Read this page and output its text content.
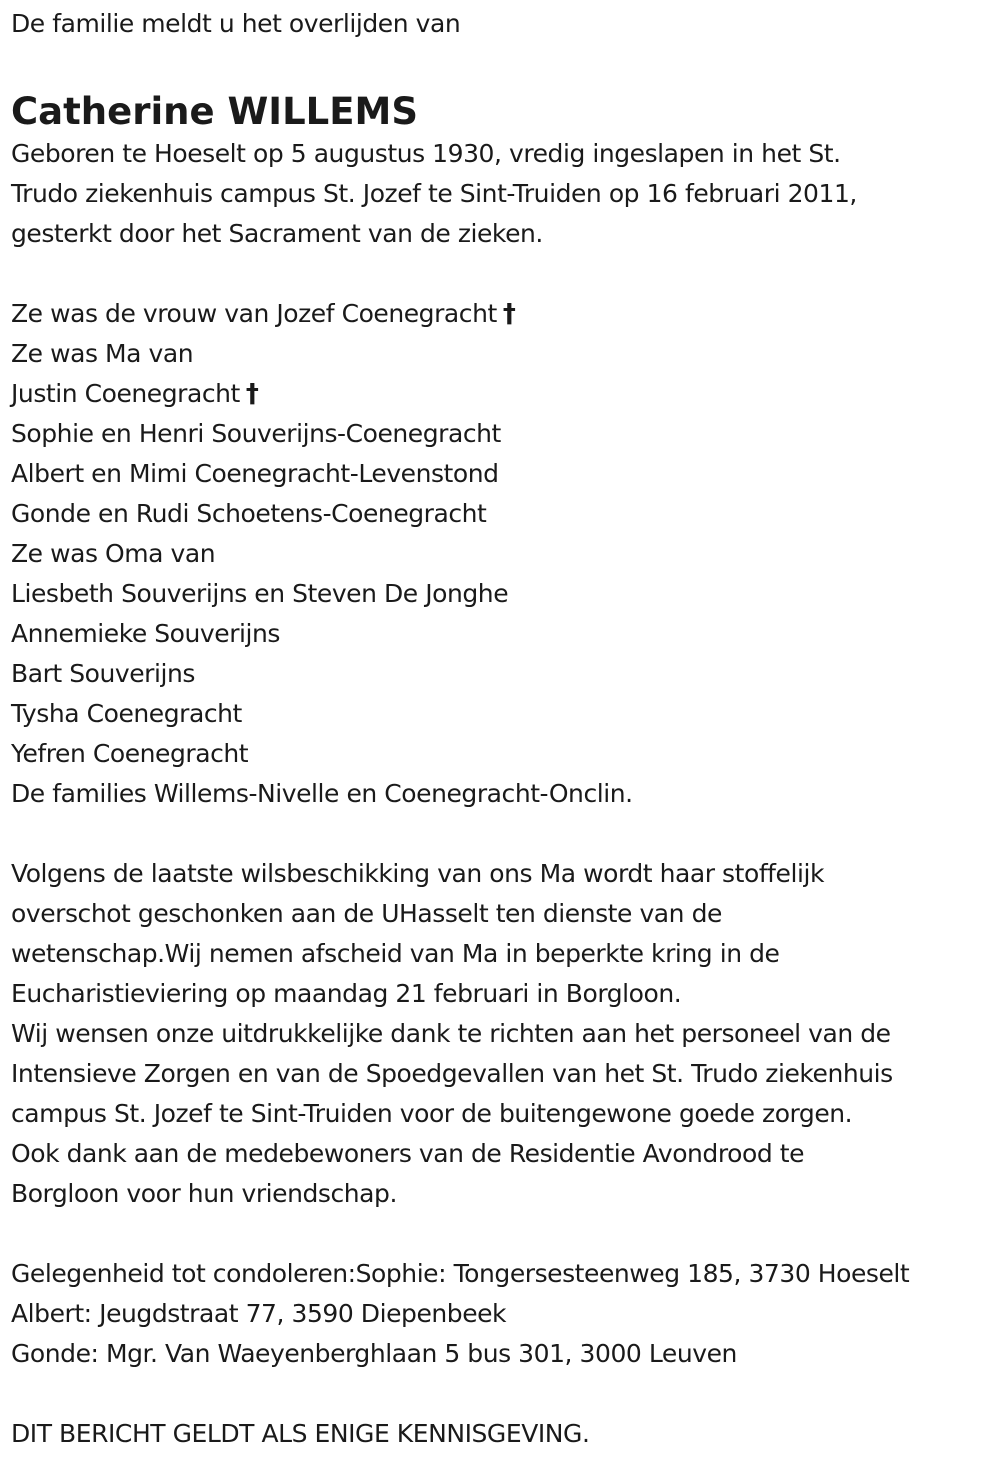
De familie meldt u het overlijden van
Catherine WILLEMS
Geboren te Hoeselt op 5 augustus 1930, vredig ingeslapen in het St.
Trudo ziekenhuis campus St. Jozef te Sint-Truiden op 16 februari 2011,
gesterkt door het Sacrament van de zieken.
Ze was de vrouw van Jozef Coenegracht †
Ze was Ma van
Justin Coenegracht †
Sophie en Henri Souverijns-Coenegracht
Albert en Mimi Coenegracht-Levenstond
Gonde en Rudi Schoetens-Coenegracht
Ze was Oma van
Liesbeth Souverijns en Steven De Jonghe
Annemieke Souverijns
Bart Souverijns
Tysha Coenegracht
Yefren Coenegracht
De families Willems-Nivelle en Coenegracht-Onclin.
Volgens de laatste wilsbeschikking van ons Ma wordt haar stoffelijk
overschot geschonken aan de UHasselt ten dienste van de
wetenschap.Wij nemen afscheid van Ma in beperkte kring in de
Eucharistieviering op maandag 21 februari in Borgloon.
Wij wensen onze uitdrukkelijke dank te richten aan het personeel van de
Intensieve Zorgen en van de Spoedgevallen van het St. Trudo ziekenhuis
campus St. Jozef te Sint-Truiden voor de buitengewone goede zorgen.
Ook dank aan de medebewoners van de Residentie Avondrood te
Borgloon voor hun vriendschap.
Gelegenheid tot condoleren:Sophie: Tongersesteenweg 185, 3730 Hoeselt
Albert: Jeugdstraat 77, 3590 Diepenbeek
Gonde: Mgr. Van Waeyenberghlaan 5 bus 301, 3000 Leuven
DIT BERICHT GELDT ALS ENIGE KENNISGEVING.
